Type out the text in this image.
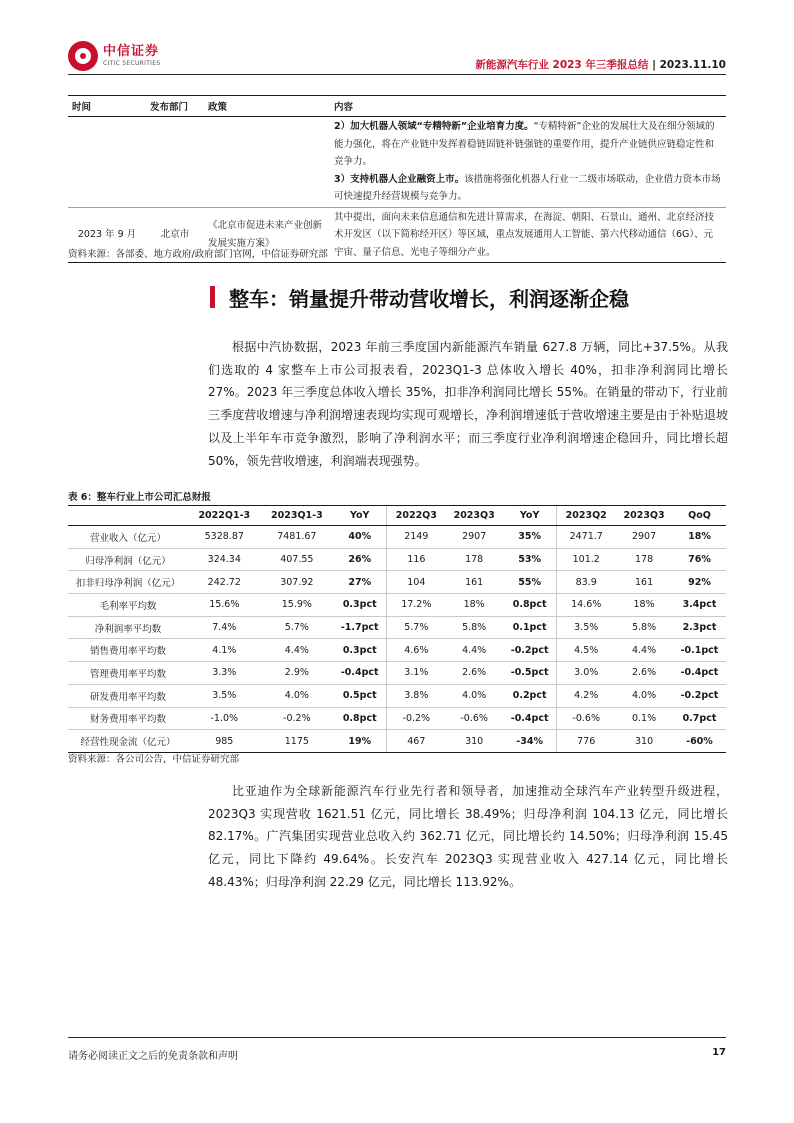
中信证券
CITIC SECURITIES	新能源汽车行业 2023 年三季报总结 | 2023.11.10
时间	发布部门	政策	内容

			2）加大机器人领域“专精特新”企业培育力度。“专精特新”企业的发展壮大及在细分领域的能力强化，将在产业链中发挥着稳链固链补链强链的重要作用，提升产业链供应链稳定性和竞争力。
3）支持机器人企业融资上市。该措施将强化机器人行业一二级市场联动，企业借力资本市场可快速提升经营规模与竞争力。

2023 年 9 月	北京市	《北京市促进未来产业创新发展实施方案》	其中提出，面向未来信息通信和先进计算需求，在海淀、朝阳、石景山、通州、北京经济技术开发区（以下简称经开区）等区域，重点发展通用人工智能、第六代移动通信（6G）、元宇宙、量子信息、光电子等细分产业。
资料来源：各部委、地方政府/政府部门官网，中信证券研究部
整车：销量提升带动营收增长，利润逐渐企稳

根据中汽协数据，2023 年前三季度国内新能源汽车销量 627.8 万辆，同比+37.5%。从我们选取的 4 家整车上市公司报表看，2023Q1-3 总体收入增长 40%，扣非净利润同比增长 27%。2023 年三季度总体收入增长 35%，扣非净利润同比增长 55%。在销量的带动下，行业前三季度营收增速与净利润增速表现均实现可观增长，净利润增速低于营收增速主要是由于补贴退坡以及上半年车市竞争激烈，影响了净利润水平；而三季度行业净利润增速企稳回升，同比增长超 50%，领先营收增速，利润端表现强势。

表 6：整车行业上市公司汇总财报
	2022Q1-3	2023Q1-3	YoY	2022Q3	2023Q3	YoY	2023Q2	2023Q3	QoQ
营业收入（亿元）	5328.87	7481.67	40%	2149	2907	35%	2471.7	2907	18%
归母净利润（亿元）	324.34	407.55	26%	116	178	53%	101.2	178	76%
扣非归母净利润（亿元）	242.72	307.92	27%	104	161	55%	83.9	161	92%
毛利率平均数	15.6%	15.9%	0.3pct	17.2%	18%	0.8pct	14.6%	18%	3.4pct
净利润率平均数	7.4%	5.7%	-1.7pct	5.7%	5.8%	0.1pct	3.5%	5.8%	2.3pct
销售费用率平均数	4.1%	4.4%	0.3pct	4.6%	4.4%	-0.2pct	4.5%	4.4%	-0.1pct
管理费用率平均数	3.3%	2.9%	-0.4pct	3.1%	2.6%	-0.5pct	3.0%	2.6%	-0.4pct
研发费用率平均数	3.5%	4.0%	0.5pct	3.8%	4.0%	0.2pct	4.2%	4.0%	-0.2pct
财务费用率平均数	-1.0%	-0.2%	0.8pct	-0.2%	-0.6%	-0.4pct	-0.6%	0.1%	0.7pct
经营性现金流（亿元）	985	1175	19%	467	310	-34%	776	310	-60%
资料来源：各公司公告，中信证券研究部

比亚迪作为全球新能源汽车行业先行者和领导者，加速推动全球汽车产业转型升级进程，2023Q3 实现营收 1621.51 亿元，同比增长 38.49%；归母净利润 104.13 亿元，同比增长 82.17%。广汽集团实现营业总收入约 362.71 亿元，同比增长约 14.50%；归母净利润 15.45 亿元，同比下降约 49.64%。长安汽车 2023Q3 实现营业收入 427.14 亿元，同比增长 48.43%；归母净利润 22.29 亿元，同比增长 113.92%。

请务必阅读正文之后的免责条款和声明	17
